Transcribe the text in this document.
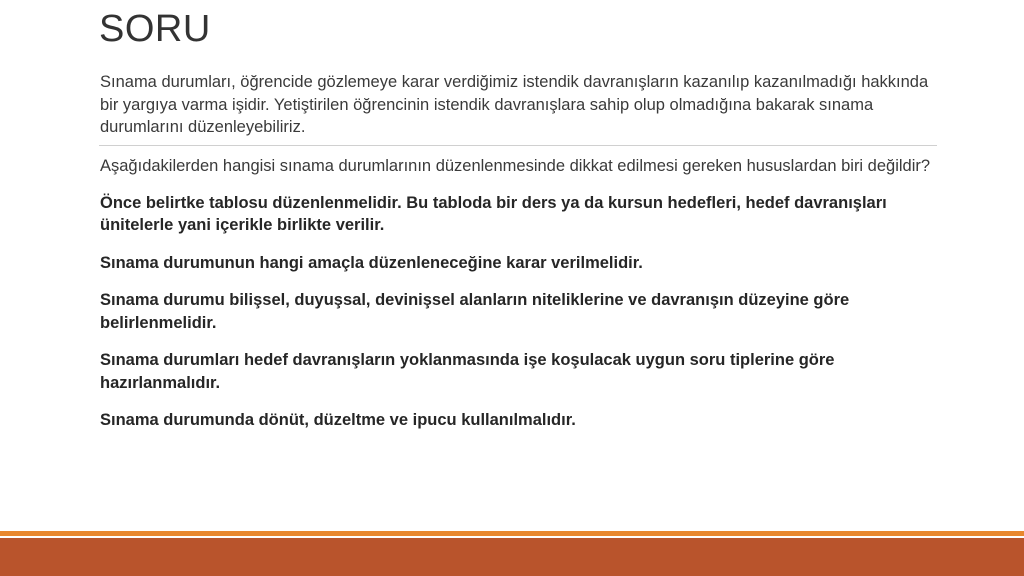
SORU

Sınama durumları, öğrencide gözlemeye karar verdiğimiz istendik davranışların kazanılıp kazanılmadığı hakkında bir yargıya varma işidir. Yetiştirilen öğrencinin istendik davranışlara sahip olup olmadığına bakarak sınama durumlarını düzenleyebiliriz.

Aşağıdakilerden hangisi sınama durumlarının düzenlenmesinde dikkat edilmesi gereken hususlardan biri değildir?

Önce belirtke tablosu düzenlenmelidir. Bu tabloda bir ders ya da kursun hedefleri, hedef davranışları ünitelerle yani içerikle birlikte verilir.

Sınama durumunun hangi amaçla düzenleneceğine karar verilmelidir.

Sınama durumu bilişsel, duyuşsal, devinişsel alanların niteliklerine ve davranışın düzeyine göre belirlenmelidir.

Sınama durumları hedef davranışların yoklanmasında işe koşulacak uygun soru tiplerine göre hazırlanmalıdır.

Sınama durumunda dönüt, düzeltme ve ipucu kullanılmalıdır.
